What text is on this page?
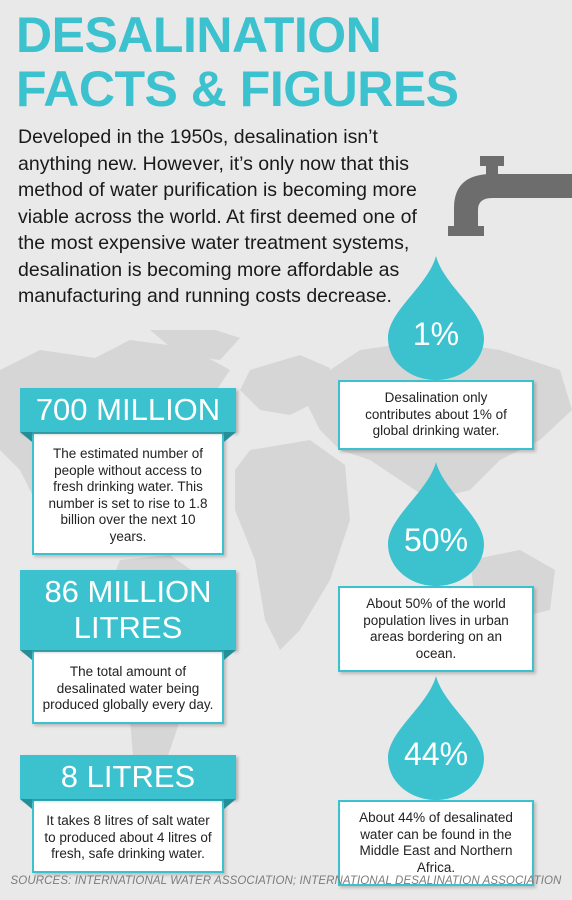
DESALINATION
FACTS & FIGURES

Developed in the 1950s, desalination isn’t anything new. However, it’s only now that this method of water purification is becoming more viable across the world. At first deemed one of the most expensive water treatment systems, desalination is becoming more affordable as manufacturing and running costs decrease.

700 MILLION
The estimated number of people without access to fresh drinking water. This number is set to rise to 1.8 billion over the next 10 years.
86 MILLION
LITRES
The total amount of desalinated water being produced globally every day.
8 LITRES
It takes 8 litres of salt water to produced about 4 litres of fresh, safe drinking water.
1%
Desalination only contributes about 1% of global drinking water.
50%
About 50% of the world population lives in urban areas bordering on an ocean.
44%
About 44% of desalinated water can be found in the Middle East and Northern Africa.
SOURCES: INTERNATIONAL WATER ASSOCIATION; INTERNATIONAL DESALINATION ASSOCIATION
